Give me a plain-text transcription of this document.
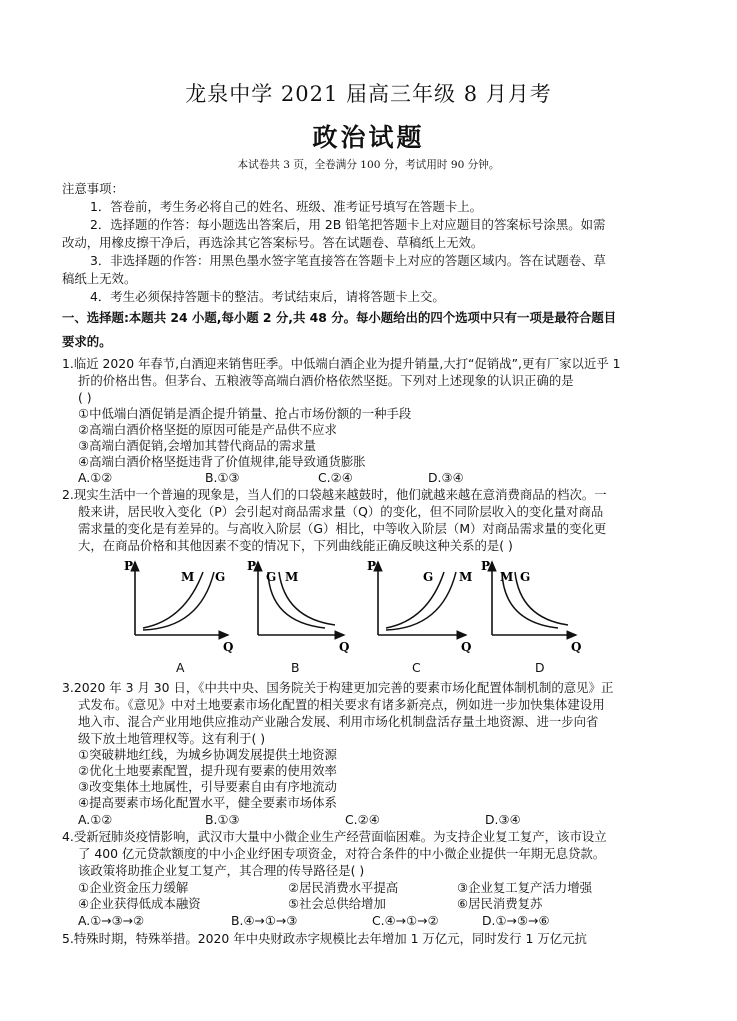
龙泉中学 2021 届高三年级 8 月月考
政治试题
本试卷共 3 页，全卷满分 100 分，考试用时 90 分钟。
注意事项：
1．答卷前，考生务必将自己的姓名、班级、准考证号填写在答题卡上。
2．选择题的作答：每小题选出答案后，用 2B 铅笔把答题卡上对应题目的答案标号涂黑。如需
改动，用橡皮擦干净后，再选涂其它答案标号。答在试题卷、草稿纸上无效。
3．非选择题的作答：用黑色墨水签字笔直接答在答题卡上对应的答题区域内。答在试题卷、草
稿纸上无效。
4．考生必须保持答题卡的整洁。考试结束后，请将答题卡上交。
一、选择题:本题共 24 小题,每小题 2 分,共 48 分。每小题给出的四个选项中只有一项是最符合题目
要求的。
1.临近 2020 年春节,白酒迎来销售旺季。中低端白酒企业为提升销量,大打“促销战”,更有厂家以近乎 1
折的价格出售。但茅台、五粮液等高端白酒价格依然坚挺。下列对上述现象的认识正确的是
( )
①中低端白酒促销是酒企提升销量、抢占市场份额的一种手段
②高端白酒价格坚挺的原因可能是产品供不应求
③高端白酒促销,会增加其替代商品的需求量
④高端白酒价格坚挺违背了价值规律,能导致通货膨胀
A.①②	B.①③	C.②④	D.③④
2.现实生活中一个普遍的现象是，当人们的口袋越来越鼓时，他们就越来越在意消费商品的档次。一
般来讲，居民收入变化（P）会引起对商品需求量（Q）的变化，但不同阶层收入的变化量对商品
需求量的变化是有差异的。与高收入阶层（G）相比，中等收入阶层（M）对商品需求量的变化更
大，在商品价格和其他因素不变的情况下，下列曲线能正确反映这种关系的是( )
P
Q
M G
P
Q
G M
P
Q
G M
P
Q
M G
A	B	C	D
3.2020 年 3 月 30 日，《中共中央、国务院关于构建更加完善的要素市场化配置体制机制的意见》正
式发布。《意见》中对土地要素市场化配置的相关要求有诸多新亮点，例如进一步加快集体建设用
地入市、混合产业用地供应推动产业融合发展、利用市场化机制盘活存量土地资源、进一步向省
级下放土地管理权等。这有利于( )
①突破耕地红线，为城乡协调发展提供土地资源
②优化土地要素配置，提升现有要素的使用效率
③改变集体土地属性，引导要素自由有序地流动
④提高要素市场化配置水平，健全要素市场体系
A.①②	B.①③	C.②④	D.③④
4.受新冠肺炎疫情影响，武汉市大量中小微企业生产经营面临困难。为支持企业复工复产，该市设立
了 400 亿元贷款额度的中小企业纾困专项资金，对符合条件的中小微企业提供一年期无息贷款。
该政策将助推企业复工复产，其合理的传导路径是( )
①企业资金压力缓解	②居民消费水平提高	③企业复工复产活力增强
④企业获得低成本融资	⑤社会总供给增加	⑥居民消费复苏
A.①→③→②	B.④→①→③	C.④→①→②	D.①→⑤→⑥
5.特殊时期，特殊举措。2020 年中央财政赤字规模比去年增加 1 万亿元，同时发行 1 万亿元抗
